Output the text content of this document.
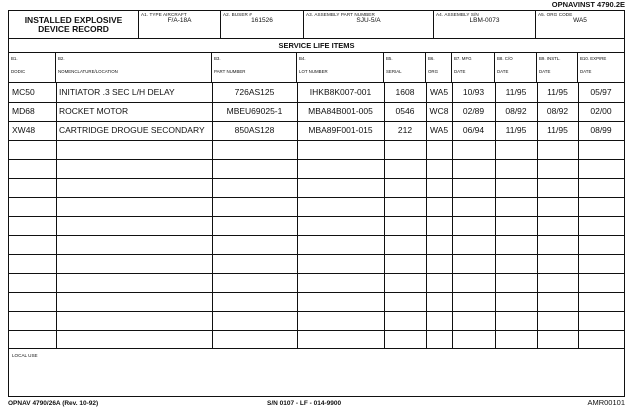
OPNAVINST 4790.2E
INSTALLED EXPLOSIVE DEVICE RECORD
A1. TYPE AIRCRAFT
F/A-18A
A2. BUSER #
161526
A3. ASSEMBLY PART NUMBER
SJU-5/A
A4. ASSEMBLY S/N
LBM-0073
A5. ORG CODE
WA5
SERVICE LIFE ITEMS
B1.
DODIC
B2.
NOMENCLATURE/LOCATION
B3.
PART NUMBER
B4.
LOT NUMBER
B5.
SERIAL
B6.
ORG
B7. MFG
DATE
B8. C/O
DATE
B9. INSTL.
DATE
B10. EXPIRE
DATE
MC50	INITIATOR .3 SEC L/H DELAY	726AS125	IHKB8K007-001	1608	WA5	10/93	11/95	11/95	05/97
MD68	ROCKET MOTOR	MBEU69025-1	MBA84B001-005	0546	WC8	02/89	08/92	08/92	02/00
XW48	CARTRIDGE DROGUE SECONDARY	850AS128	MBA89F001-015	212	WA5	06/94	11/95	11/95	08/99
LOCAL USE
OPNAV 4790/26A (Rev. 10-92)	S/N 0107 - LF - 014-9900	AMR00101
